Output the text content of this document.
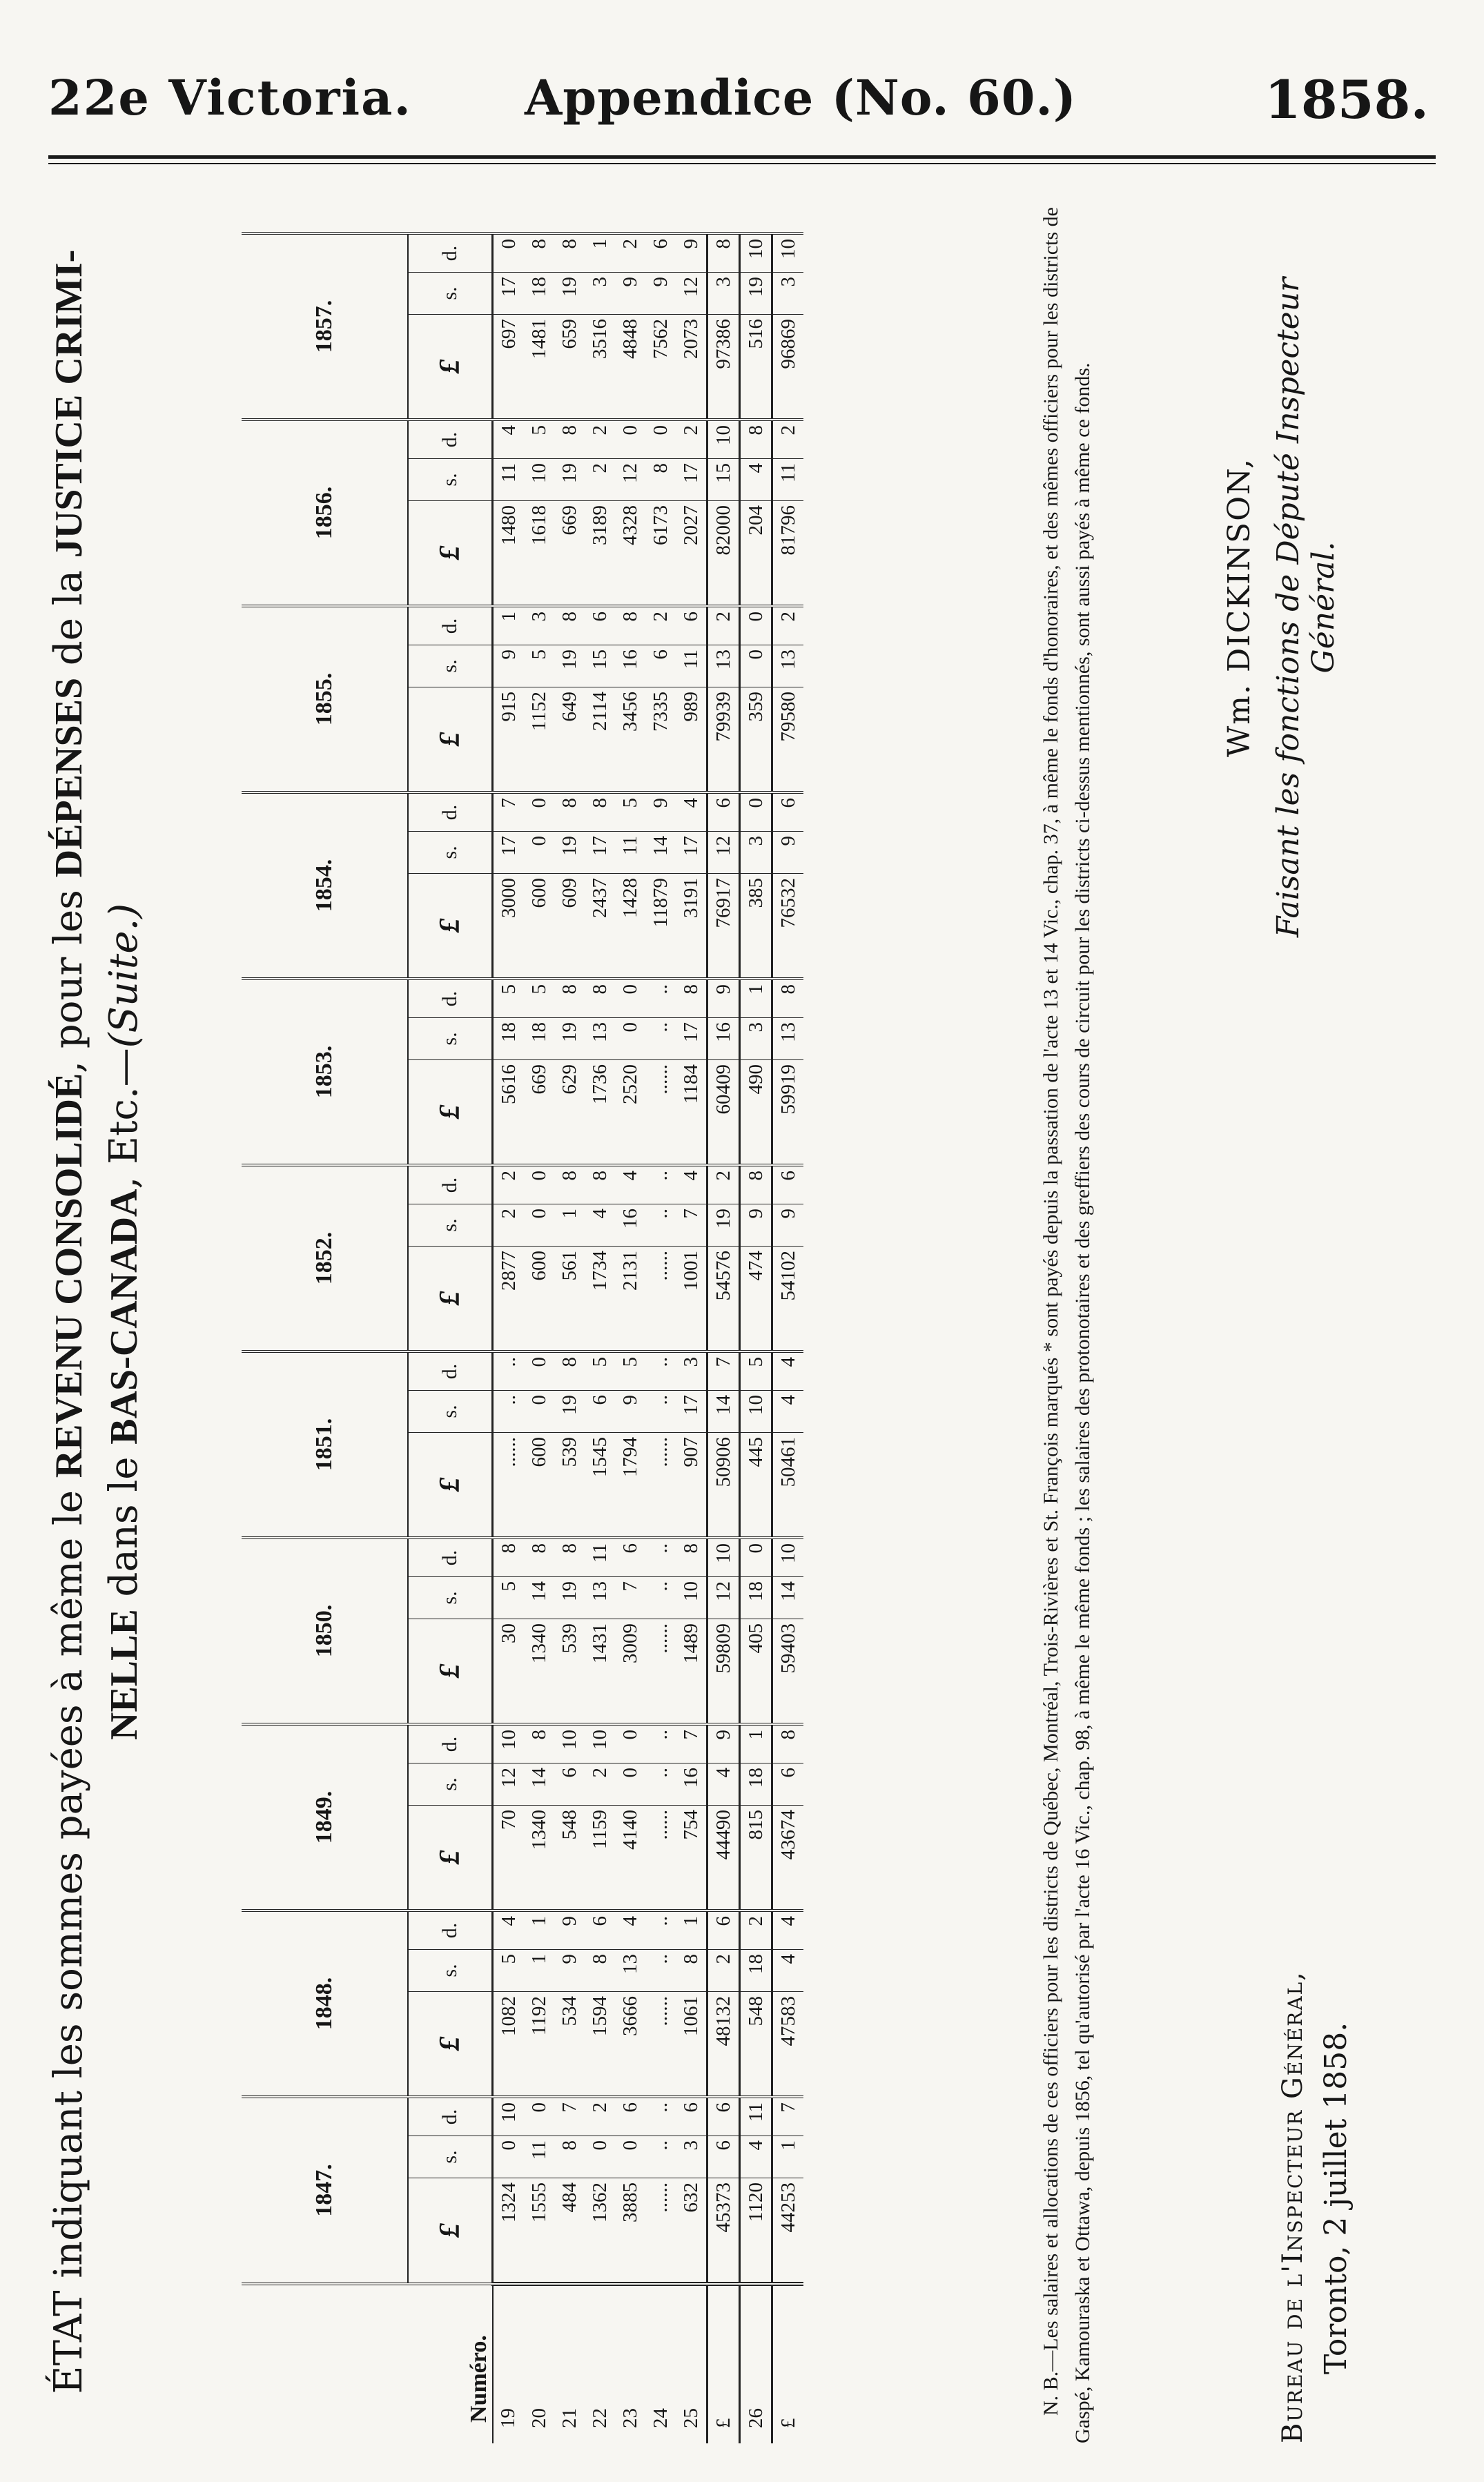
22e Victoria. Appendice (No. 60.)	1858.
ÉTAT indiquant les sommes payées à même le REVENU CONSOLIDÉ, pour les DÉPENSES de la JUSTICE CRIMI-
NELLE dans le BAS-CANADA, Etc.—(Suite.)
Numéro.	1847.			1848.			1849.			1850.			1851.			1852.			1853.			1854.			1855.			1856.			1857.		
	£	s.	d.	£	s.	d.	£	s.	d.	£	s.	d.	£	s.	d.	£	s.	d.	£	s.	d.	£	s.	d.	£	s.	d.	£	s.	d.	£	s.	d.
19	1324	0	10	1082	5	4	70	12	10	30	5	8	......	..	..	2877	2	2	5616	18	5	3000	17	7	915	9	1	1480	11	4	697	17	0
20	1555	11	0	1192	1	1	1340	14	8	1340	14	8	600	0	0	600	0	0	669	18	5	600	0	0	1152	5	3	1618	10	5	1481	18	8
21	484	8	7	534	9	9	548	6	10	539	19	8	539	19	8	561	1	8	629	19	8	609	19	8	649	19	8	669	19	8	659	19	8
22	1362	0	2	1594	8	6	1159	2	10	1431	13	11	1545	6	5	1734	4	8	1736	13	8	2437	17	8	2114	15	6	3189	2	2	3516	3	1
23	3885	0	6	3666	13	4	4140	0	0	3009	7	6	1794	9	5	2131	16	4	2520	0	0	1428	11	5	3456	16	8	4328	12	0	4848	9	2
24	......	..	..	......	..	..	......	..	..	......	..	..	......	..	..	......	..	..	......	..	..	11879	14	9	7335	6	2	6173	8	0	7562	9	6
25	632	3	6	1061	8	1	754	16	7	1489	10	8	907	17	3	1001	7	4	1184	17	8	3191	17	4	989	11	6	2027	17	2	2073	12	9
£	45373	6	6	48132	2	6	44490	4	9	59809	12	10	50906	14	7	54576	19	2	60409	16	9	76917	12	6	79939	13	2	82000	15	10	97386	3	8
26	1120	4	11	548	18	2	815	18	1	405	18	0	445	10	5	474	9	8	490	3	1	385	3	0	359	0	0	204	4	8	516	19	10
£	44253	1	7	47583	4	4	43674	6	8	59403	14	10	50461	4	4	54102	9	6	59919	13	8	76532	9	6	79580	13	2	81796	11	2	96869	3	10	N. B.—Les salaires et allocations de ces officiers pour les districts de Québec, Montréal, Trois-Rivières et St. François marqués * sont payés depuis la passation de l'acte 13 et 14 Vic., chap. 37, à même le fonds d'honoraires, et des mêmes officiers pour les districts de Gaspé, Kamouraska et Ottawa, depuis 1856, tel qu'autorisé par l'acte 16 Vic., chap. 98, à même le même fonds ; les salaires des protonotaires et des greffiers des cours de circuit pour les districts ci-dessus mentionnés, sont aussi payés à même ce fonds.	Wm. DICKINSON, Faisant les fonctions de Député Inspecteur Général.
Bureau de l'Inspecteur Général, Toronto, 2 juillet 1858.
